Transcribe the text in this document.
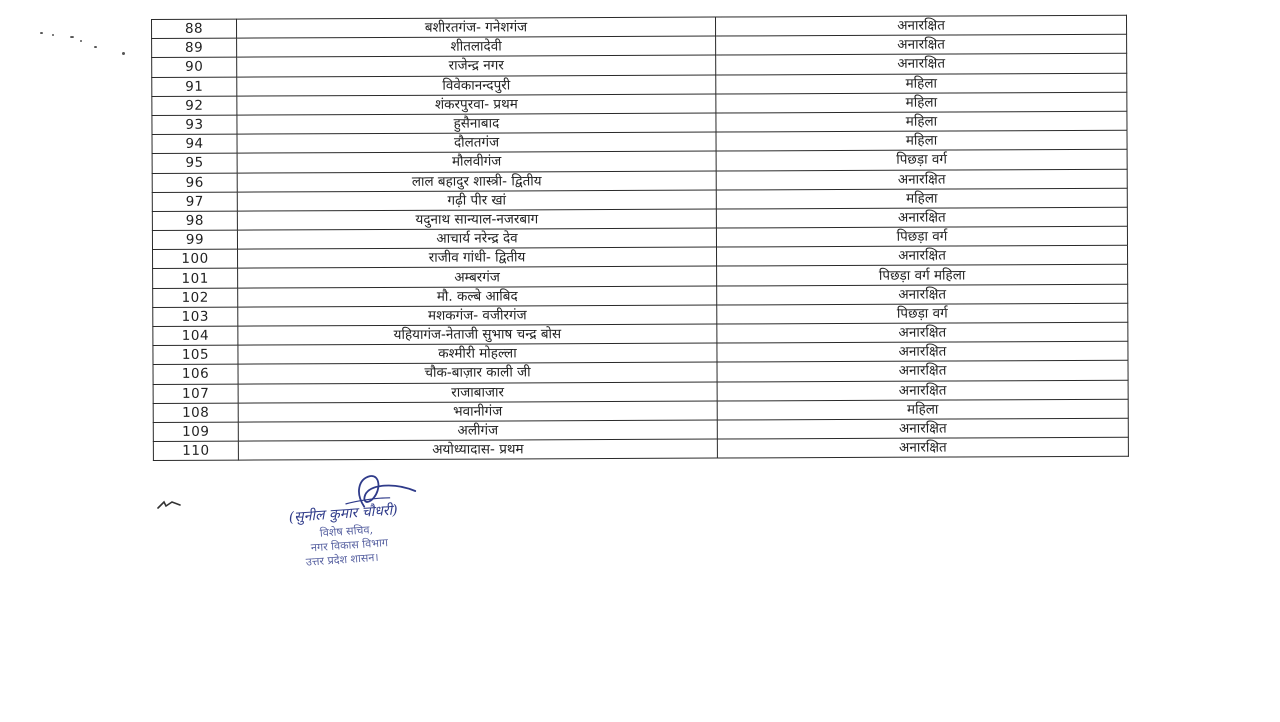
88	बशीरतगंज- गनेशगंज	अनारक्षित
89	शीतलादेवी	अनारक्षित
90	राजेन्द्र नगर	अनारक्षित
91	विवेकानन्दपुरी	महिला
92	शंकरपुरवा- प्रथम	महिला
93	हुसैनाबाद	महिला
94	दौलतगंज	महिला
95	मौलवीगंज	पिछड़ा वर्ग
96	लाल बहादुर शास्त्री- द्वितीय	अनारक्षित
97	गढ़ी पीर खां	महिला
98	यदुनाथ सान्याल-नजरबाग	अनारक्षित
99	आचार्य नरेन्द्र देव	पिछड़ा वर्ग
100	राजीव गांधी- द्वितीय	अनारक्षित
101	अम्बरगंज	पिछड़ा वर्ग महिला
102	मौ. कल्बे आबिद	अनारक्षित
103	मशकगंज- वजीरगंज	पिछड़ा वर्ग
104	यहियागंज-नेताजी सुभाष चन्द्र बोस	अनारक्षित
105	कश्मीरी मोहल्ला	अनारक्षित
106	चौक-बाज़ार काली जी	अनारक्षित
107	राजाबाजार	अनारक्षित
108	भवानीगंज	महिला
109	अलीगंज	अनारक्षित
110	अयोध्यादास- प्रथम	अनारक्षित
(सुनील कुमार चौधरी)
विशेष सचिव,
नगर विकास विभाग
उत्तर प्रदेश शासन।
